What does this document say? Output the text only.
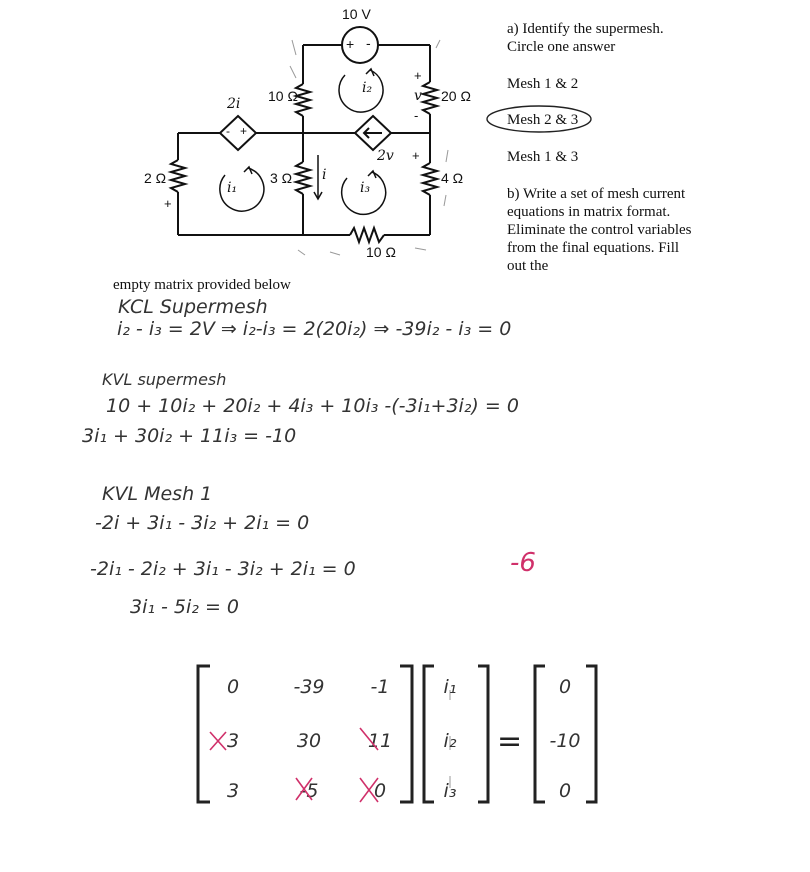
10 V
+ -
10 Ω	20 Ω
+
v
-
2i
- +
2v +
i₂
2 Ω
+
i₁
3 Ω i
i₃
4 Ω
10 Ω
a) Identify the supermesh. Circle one answer
Mesh 1 & 2
Mesh 2 & 3
Mesh 1 & 3
b) Write a set of mesh current equations in matrix format. Eliminate the control variables from the final equations. Fill out the
empty matrix provided below
KCL Supermesh
i₂ - i₃ = 2V ⇒ i₂-i₃ = 2(20i₂) ⇒ -39i₂ - i₃ = 0
KVL supermesh
10 + 10i₂ + 20i₂ + 4i₃ + 10i₃ -(-3i₁+3i₂) = 0
3i₁ + 30i₂ + 11i₃ = -10
KVL Mesh 1
-2i + 3i₁ - 3i₂ + 2i₁ = 0
-2i₁ - 2i₂ + 3i₁ - 3i₂ + 2i₁ = 0
3i₁ - 5i₂ = 0
-6
0	-39	-1
3	30	11
3	-5	0
i₁
i₂
i₃
=
0
-10
0
